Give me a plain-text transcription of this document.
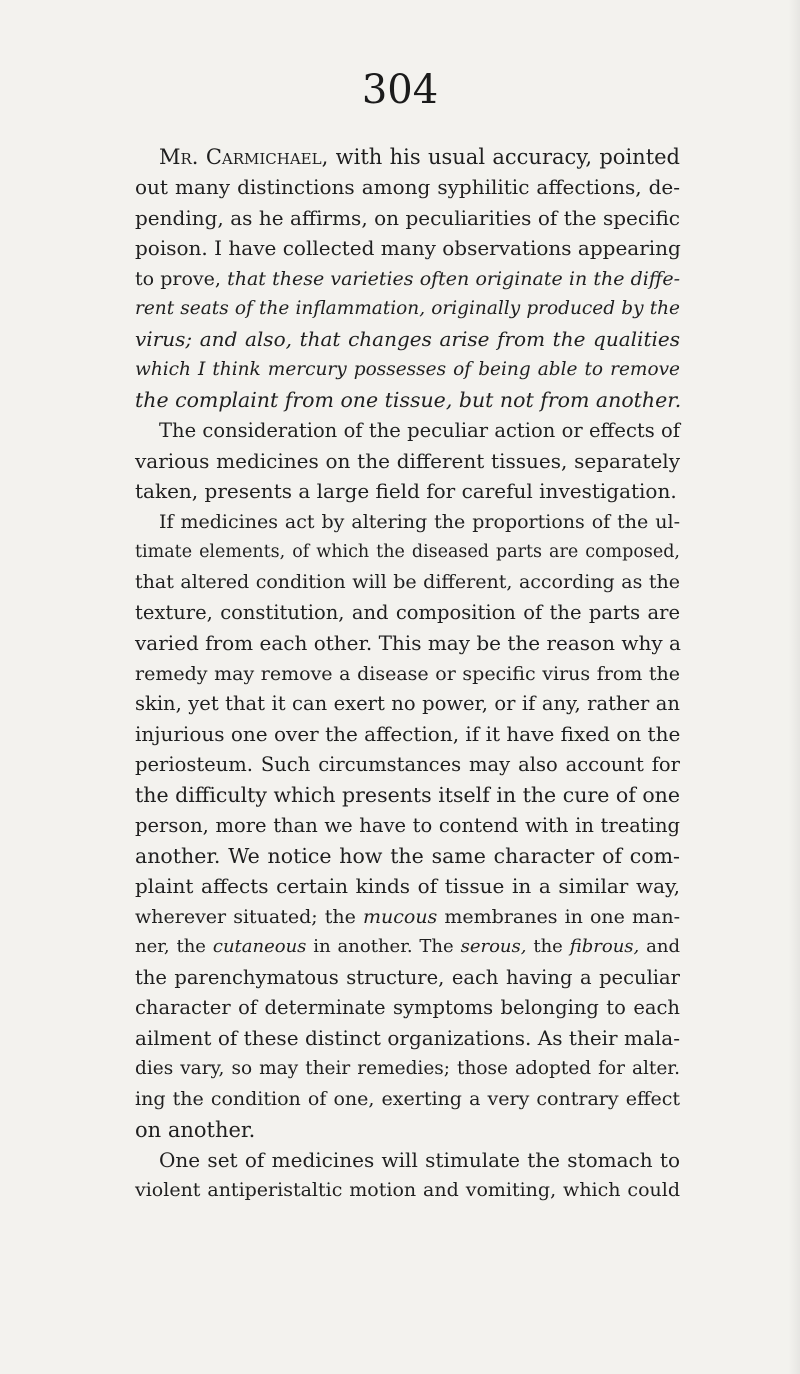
304
Mr. Carmichael, with his usual accuracy, pointed
out many distinctions among syphilitic affections, de-
pending, as he affirms, on peculiarities of the specific
poison. I have collected many observations appearing
to prove, that these varieties often originate in the diffe-
rent seats of the inflammation, originally produced by the
virus; and also, that changes arise from the qualities
which I think mercury possesses of being able to remove
the complaint from one tissue, but not from another.
The consideration of the peculiar action or effects of
various medicines on the different tissues, separately
taken, presents a large field for careful investigation.
If medicines act by altering the proportions of the ul-
timate elements, of which the diseased parts are composed,
that altered condition will be different, according as the
texture, constitution, and composition of the parts are
varied from each other. This may be the reason why a
remedy may remove a disease or specific virus from the
skin, yet that it can exert no power, or if any, rather an
injurious one over the affection, if it have fixed on the
periosteum. Such circumstances may also account for
the difficulty which presents itself in the cure of one
person, more than we have to contend with in treating
another. We notice how the same character of com-
plaint affects certain kinds of tissue in a similar way,
wherever situated; the mucous membranes in one man-
ner, the cutaneous in another. The serous, the fibrous, and
the parenchymatous structure, each having a peculiar
character of determinate symptoms belonging to each
ailment of these distinct organizations. As their mala-
dies vary, so may their remedies; those adopted for alter.
ing the condition of one, exerting a very contrary effect
on another.
One set of medicines will stimulate the stomach to
violent antiperistaltic motion and vomiting, which could
